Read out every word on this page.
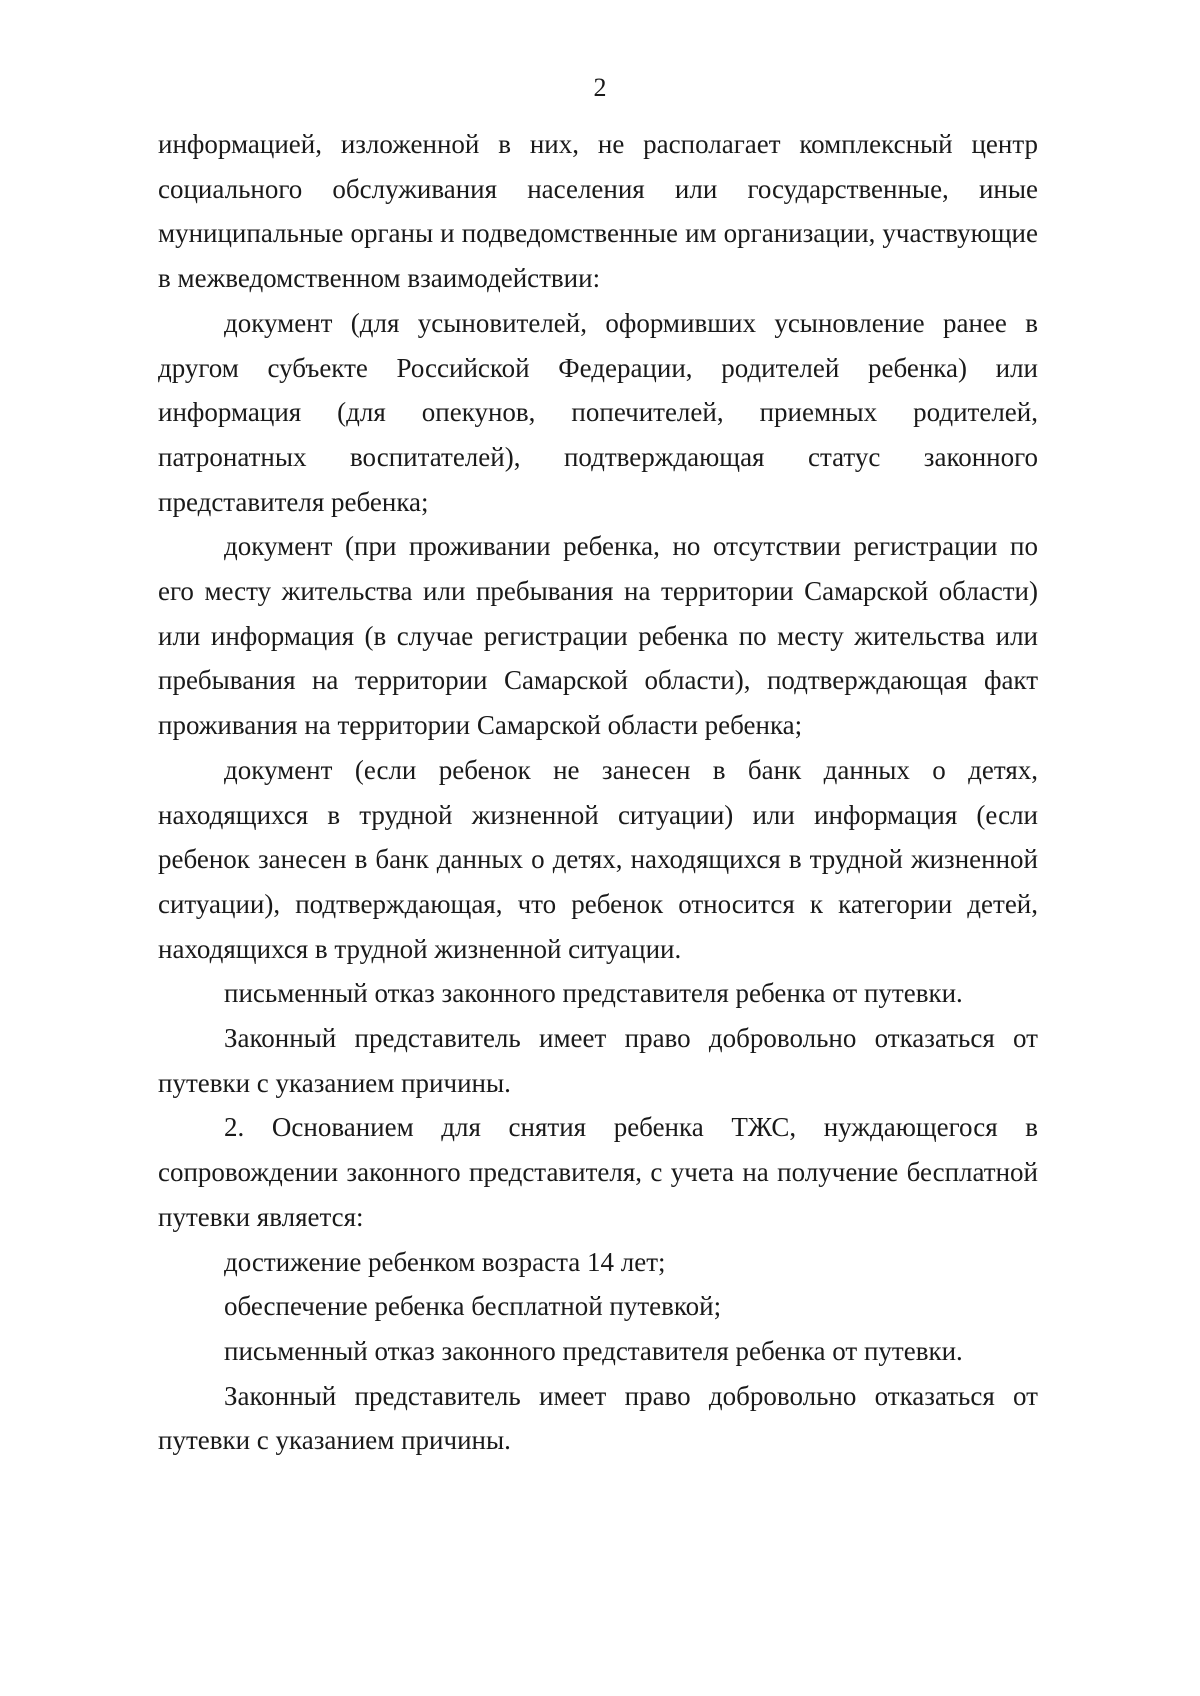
2

информацией, изложенной в них, не располагает комплексный центр социального обслуживания населения или государственные, иные муниципальные органы и подведомственные им организации, участвующие в межведомственном взаимодействии:

документ (для усыновителей, оформивших усыновление ранее в другом субъекте Российской Федерации, родителей ребенка) или информация (для опекунов, попечителей, приемных родителей, патронатных воспитателей), подтверждающая статус законного представителя ребенка;

документ (при проживании ребенка, но отсутствии регистрации по его месту жительства или пребывания на территории Самарской области) или информация (в случае регистрации ребенка по месту жительства или пребывания на территории Самарской области), подтверждающая факт проживания на территории Самарской области ребенка;

документ (если ребенок не занесен в банк данных о детях, находящихся в трудной жизненной ситуации) или информация (если ребенок занесен в банк данных о детях, находящихся в трудной жизненной ситуации), подтверждающая, что ребенок относится к категории детей, находящихся в трудной жизненной ситуации.

письменный отказ законного представителя ребенка от путевки.

Законный представитель имеет право добровольно отказаться от путевки с указанием причины.

2. Основанием для снятия ребенка ТЖС, нуждающегося в сопровождении законного представителя, с учета на получение бесплатной путевки является:

достижение ребенком возраста 14 лет;

обеспечение ребенка бесплатной путевкой;

письменный отказ законного представителя ребенка от путевки.

Законный представитель имеет право добровольно отказаться от путевки с указанием причины.
